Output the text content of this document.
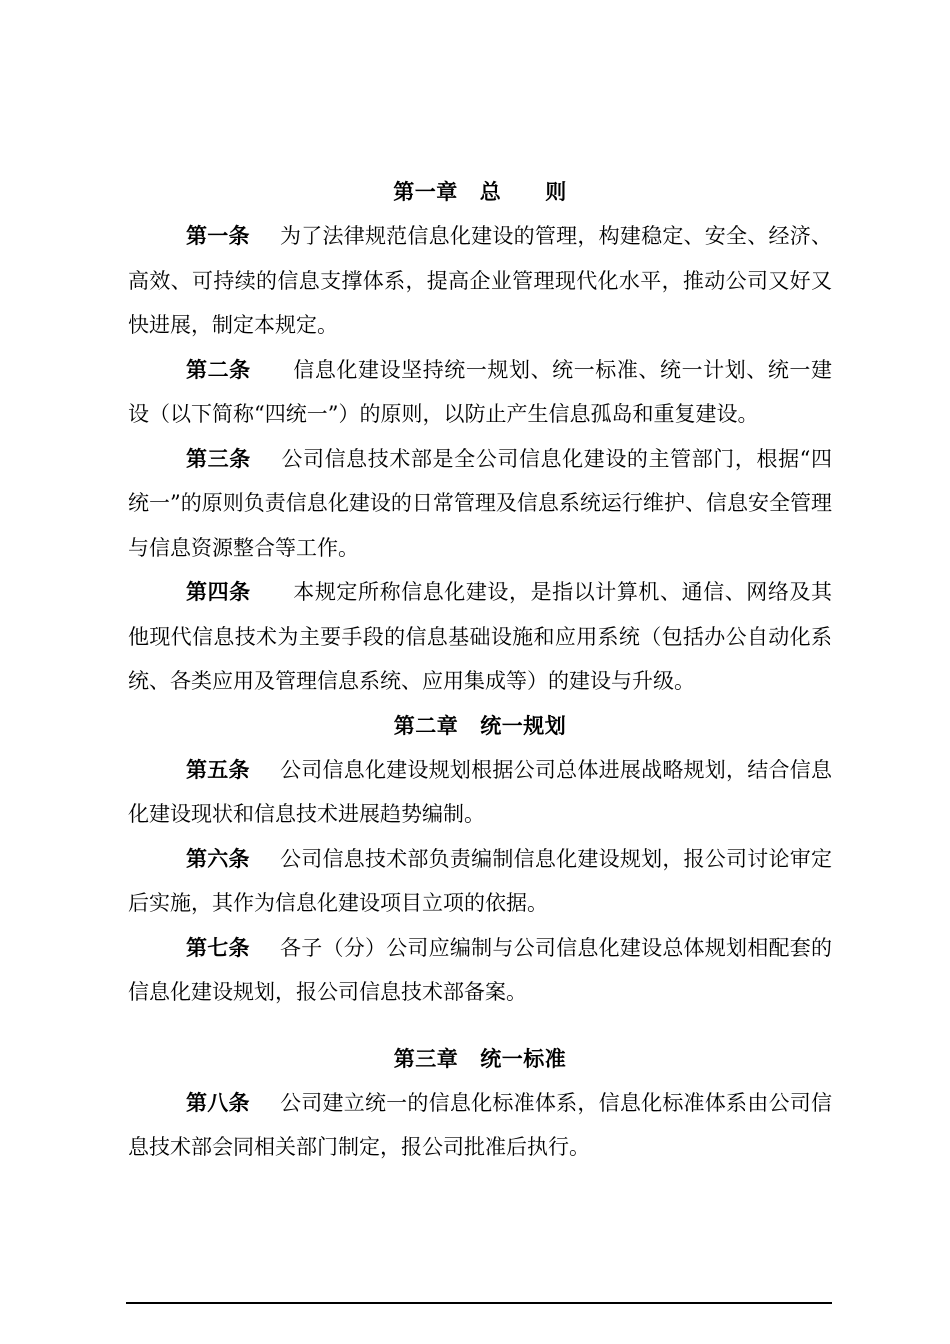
第一章 总 则

第一条 为了法律规范信息化建设的管理，构建稳定、安全、经济、高效、可持续的信息支撑体系，提高企业管理现代化水平，推动公司又好又快进展，制定本规定。

第二条 信息化建设坚持统一规划、统一标准、统一计划、统一建设（以下简称“四统一”）的原则，以防止产生信息孤岛和重复建设。

第三条 公司信息技术部是全公司信息化建设的主管部门，根据“四统一”的原则负责信息化建设的日常管理及信息系统运行维护、信息安全管理与信息资源整合等工作。

第四条 本规定所称信息化建设，是指以计算机、通信、网络及其他现代信息技术为主要手段的信息基础设施和应用系统（包括办公自动化系统、各类应用及管理信息系统、应用集成等）的建设与升级。

第二章 统一规划

第五条 公司信息化建设规划根据公司总体进展战略规划，结合信息化建设现状和信息技术进展趋势编制。

第六条 公司信息技术部负责编制信息化建设规划，报公司讨论审定后实施，其作为信息化建设项目立项的依据。

第七条 各子（分）公司应编制与公司信息化建设总体规划相配套的信息化建设规划，报公司信息技术部备案。

第三章 统一标准

第八条 公司建立统一的信息化标准体系，信息化标准体系由公司信息技术部会同相关部门制定，报公司批准后执行。
